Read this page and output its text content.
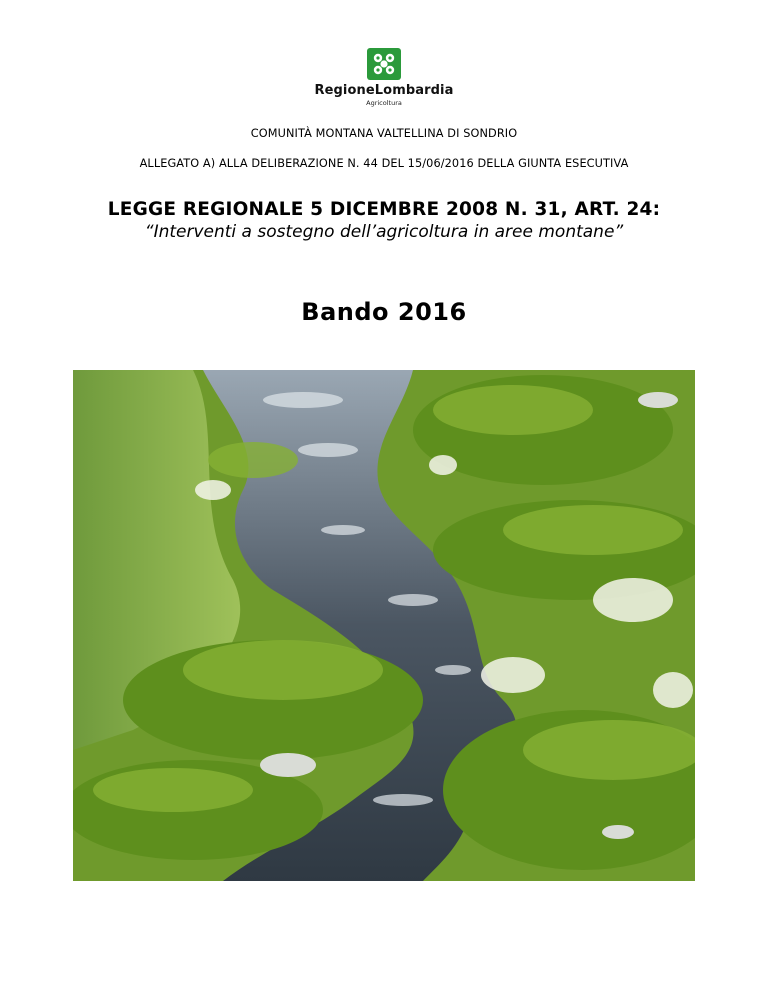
RegioneLombardia
Agricoltura
COMUNITÀ MONTANA VALTELLINA DI SONDRIO
ALLEGATO A) ALLA DELIBERAZIONE N. 44 DEL 15/06/2016 DELLA GIUNTA ESECUTIVA
LEGGE REGIONALE 5 DICEMBRE 2008 N. 31, ART. 24:
“Interventi a sostegno dell’agricoltura in aree montane”
Bando 2016
